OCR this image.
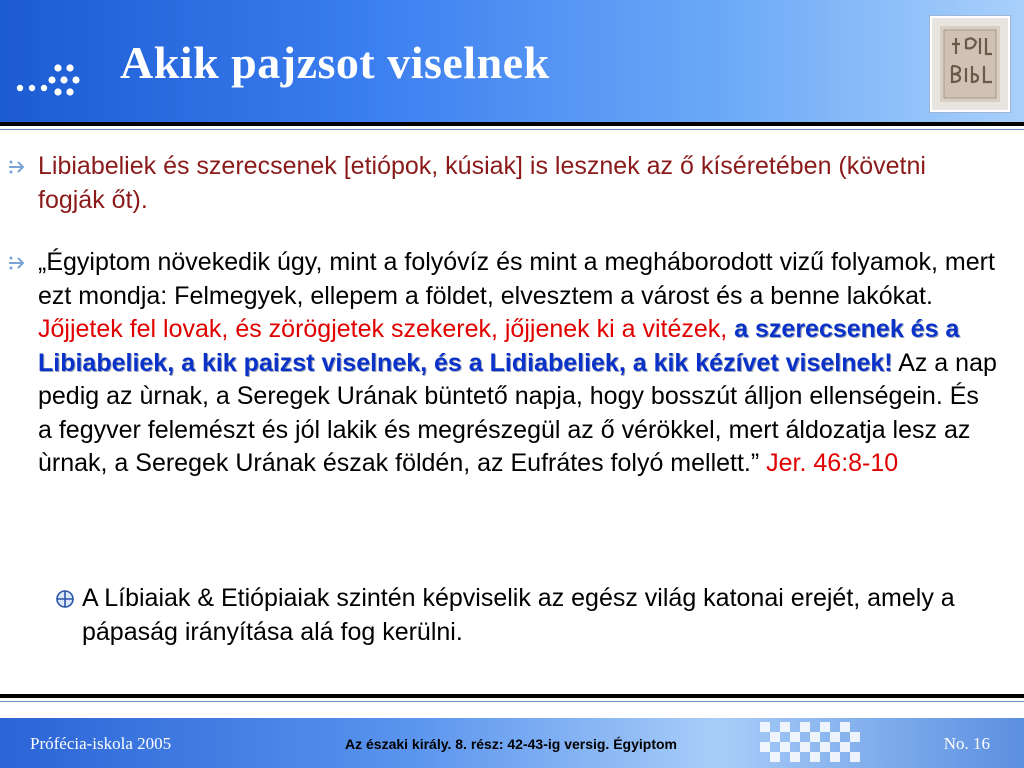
Akik pajzsot viselnek
Libiabeliek és szerecsenek [etiópok, kúsiak] is lesznek az ő kíséretében (követni fogják őt).
„Égyiptom növekedik úgy, mint a folyóvíz és mint a megháborodott vizű folyamok, mert ezt mondja: Felmegyek, ellepem a földet, elvesztem a várost és a benne lakókat. Jőjjetek fel lovak, és zörögjetek szekerek, jőjjenek ki a vitézek, a szerecsenek és a Libiabeliek, a kik paizst viselnek, és a Lidiabeliek, a kik kézívet viselnek! Az a nap pedig az ùrnak, a Seregek Urának büntető napja, hogy bosszút álljon ellenségein. És a fegyver felemészt és jól lakik és megrészegül az ő vérökkel, mert áldozatja lesz az ùrnak, a Seregek Urának észak földén, az Eufrátes folyó mellett.” Jer. 46:8-10
A Líbiaiak & Etiópiaiak szintén képviselik az egész világ katonai erejét, amely a pápaság irányítása alá fog kerülni.
Prófécia-iskola 2005	Az északi király. 8. rész: 42-43-ig versig. Égyiptom	No. 16
